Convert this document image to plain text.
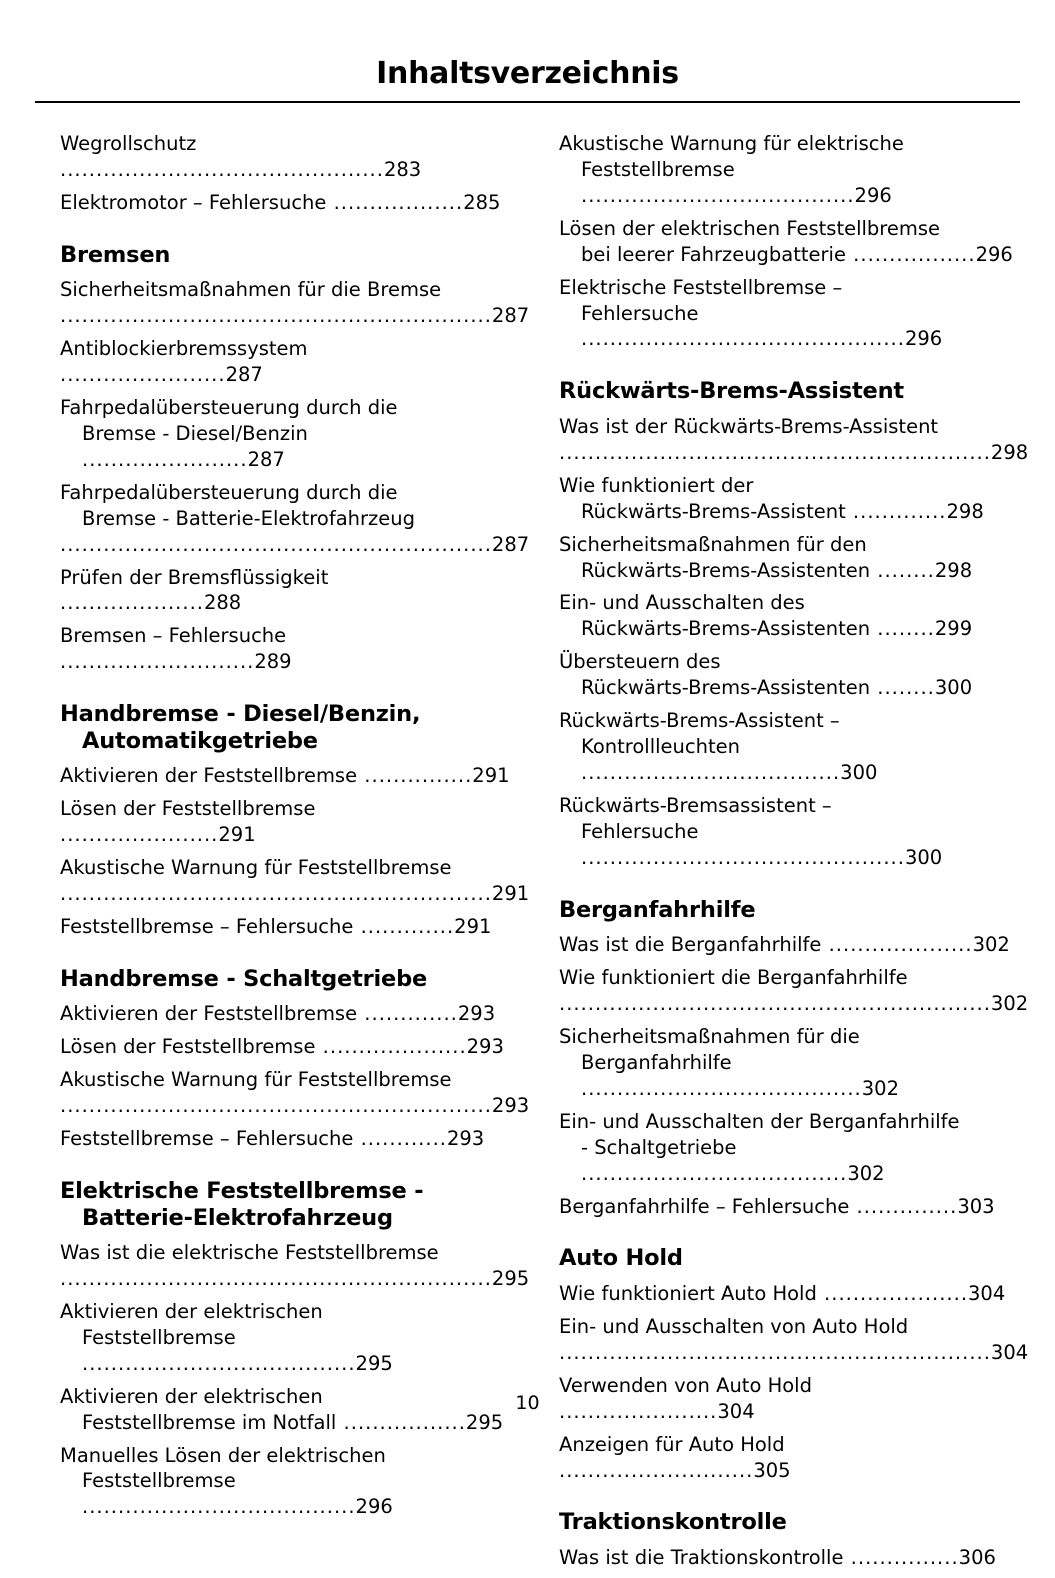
Inhaltsverzeichnis
Wegrollschutz .............................................283
Elektromotor – Fehlersuche ..................285
Bremsen
Sicherheitsmaßnahmen für die Bremse
............................................................287
Antiblockierbremssystem .......................287
Fahrpedalübersteuerung durch die
Bremse - Diesel/Benzin .......................287
Fahrpedalübersteuerung durch die
Bremse - Batterie-Elektrofahrzeug
............................................................287
Prüfen der Bremsflüssigkeit ....................288
Bremsen – Fehlersuche ...........................289
Handbremse - Diesel/Benzin,
Automatikgetriebe
Aktivieren der Feststellbremse ...............291
Lösen der Feststellbremse ......................291
Akustische Warnung für Feststellbremse
............................................................291
Feststellbremse – Fehlersuche .............291
Handbremse - Schaltgetriebe
Aktivieren der Feststellbremse .............293
Lösen der Feststellbremse ....................293
Akustische Warnung für Feststellbremse
............................................................293
Feststellbremse – Fehlersuche ............293
Elektrische Feststellbremse -
Batterie-Elektrofahrzeug
Was ist die elektrische Feststellbremse
............................................................295
Aktivieren der elektrischen
Feststellbremse ......................................295
Aktivieren der elektrischen
Feststellbremse im Notfall .................295
Manuelles Lösen der elektrischen
Feststellbremse ......................................296
Akustische Warnung für elektrische
Feststellbremse ......................................296
Lösen der elektrischen Feststellbremse
bei leerer Fahrzeugbatterie .................296
Elektrische Feststellbremse –
Fehlersuche .............................................296
Rückwärts-Brems-Assistent
Was ist der Rückwärts-Brems-Assistent
............................................................298
Wie funktioniert der
Rückwärts-Brems-Assistent .............298
Sicherheitsmaßnahmen für den
Rückwärts-Brems-Assistenten ........298
Ein- und Ausschalten des
Rückwärts-Brems-Assistenten ........299
Übersteuern des
Rückwärts-Brems-Assistenten ........300
Rückwärts-Brems-Assistent –
Kontrollleuchten ....................................300
Rückwärts-Bremsassistent –
Fehlersuche .............................................300
Berganfahrhilfe
Was ist die Berganfahrhilfe ....................302
Wie funktioniert die Berganfahrhilfe
............................................................302
Sicherheitsmaßnahmen für die
Berganfahrhilfe .......................................302
Ein- und Ausschalten der Berganfahrhilfe
- Schaltgetriebe .....................................302
Berganfahrhilfe – Fehlersuche ..............303
Auto Hold
Wie funktioniert Auto Hold ....................304
Ein- und Ausschalten von Auto Hold
............................................................304
Verwenden von Auto Hold ......................304
Anzeigen für Auto Hold ...........................305
Traktionskontrolle
Was ist die Traktionskontrolle ...............306
10
